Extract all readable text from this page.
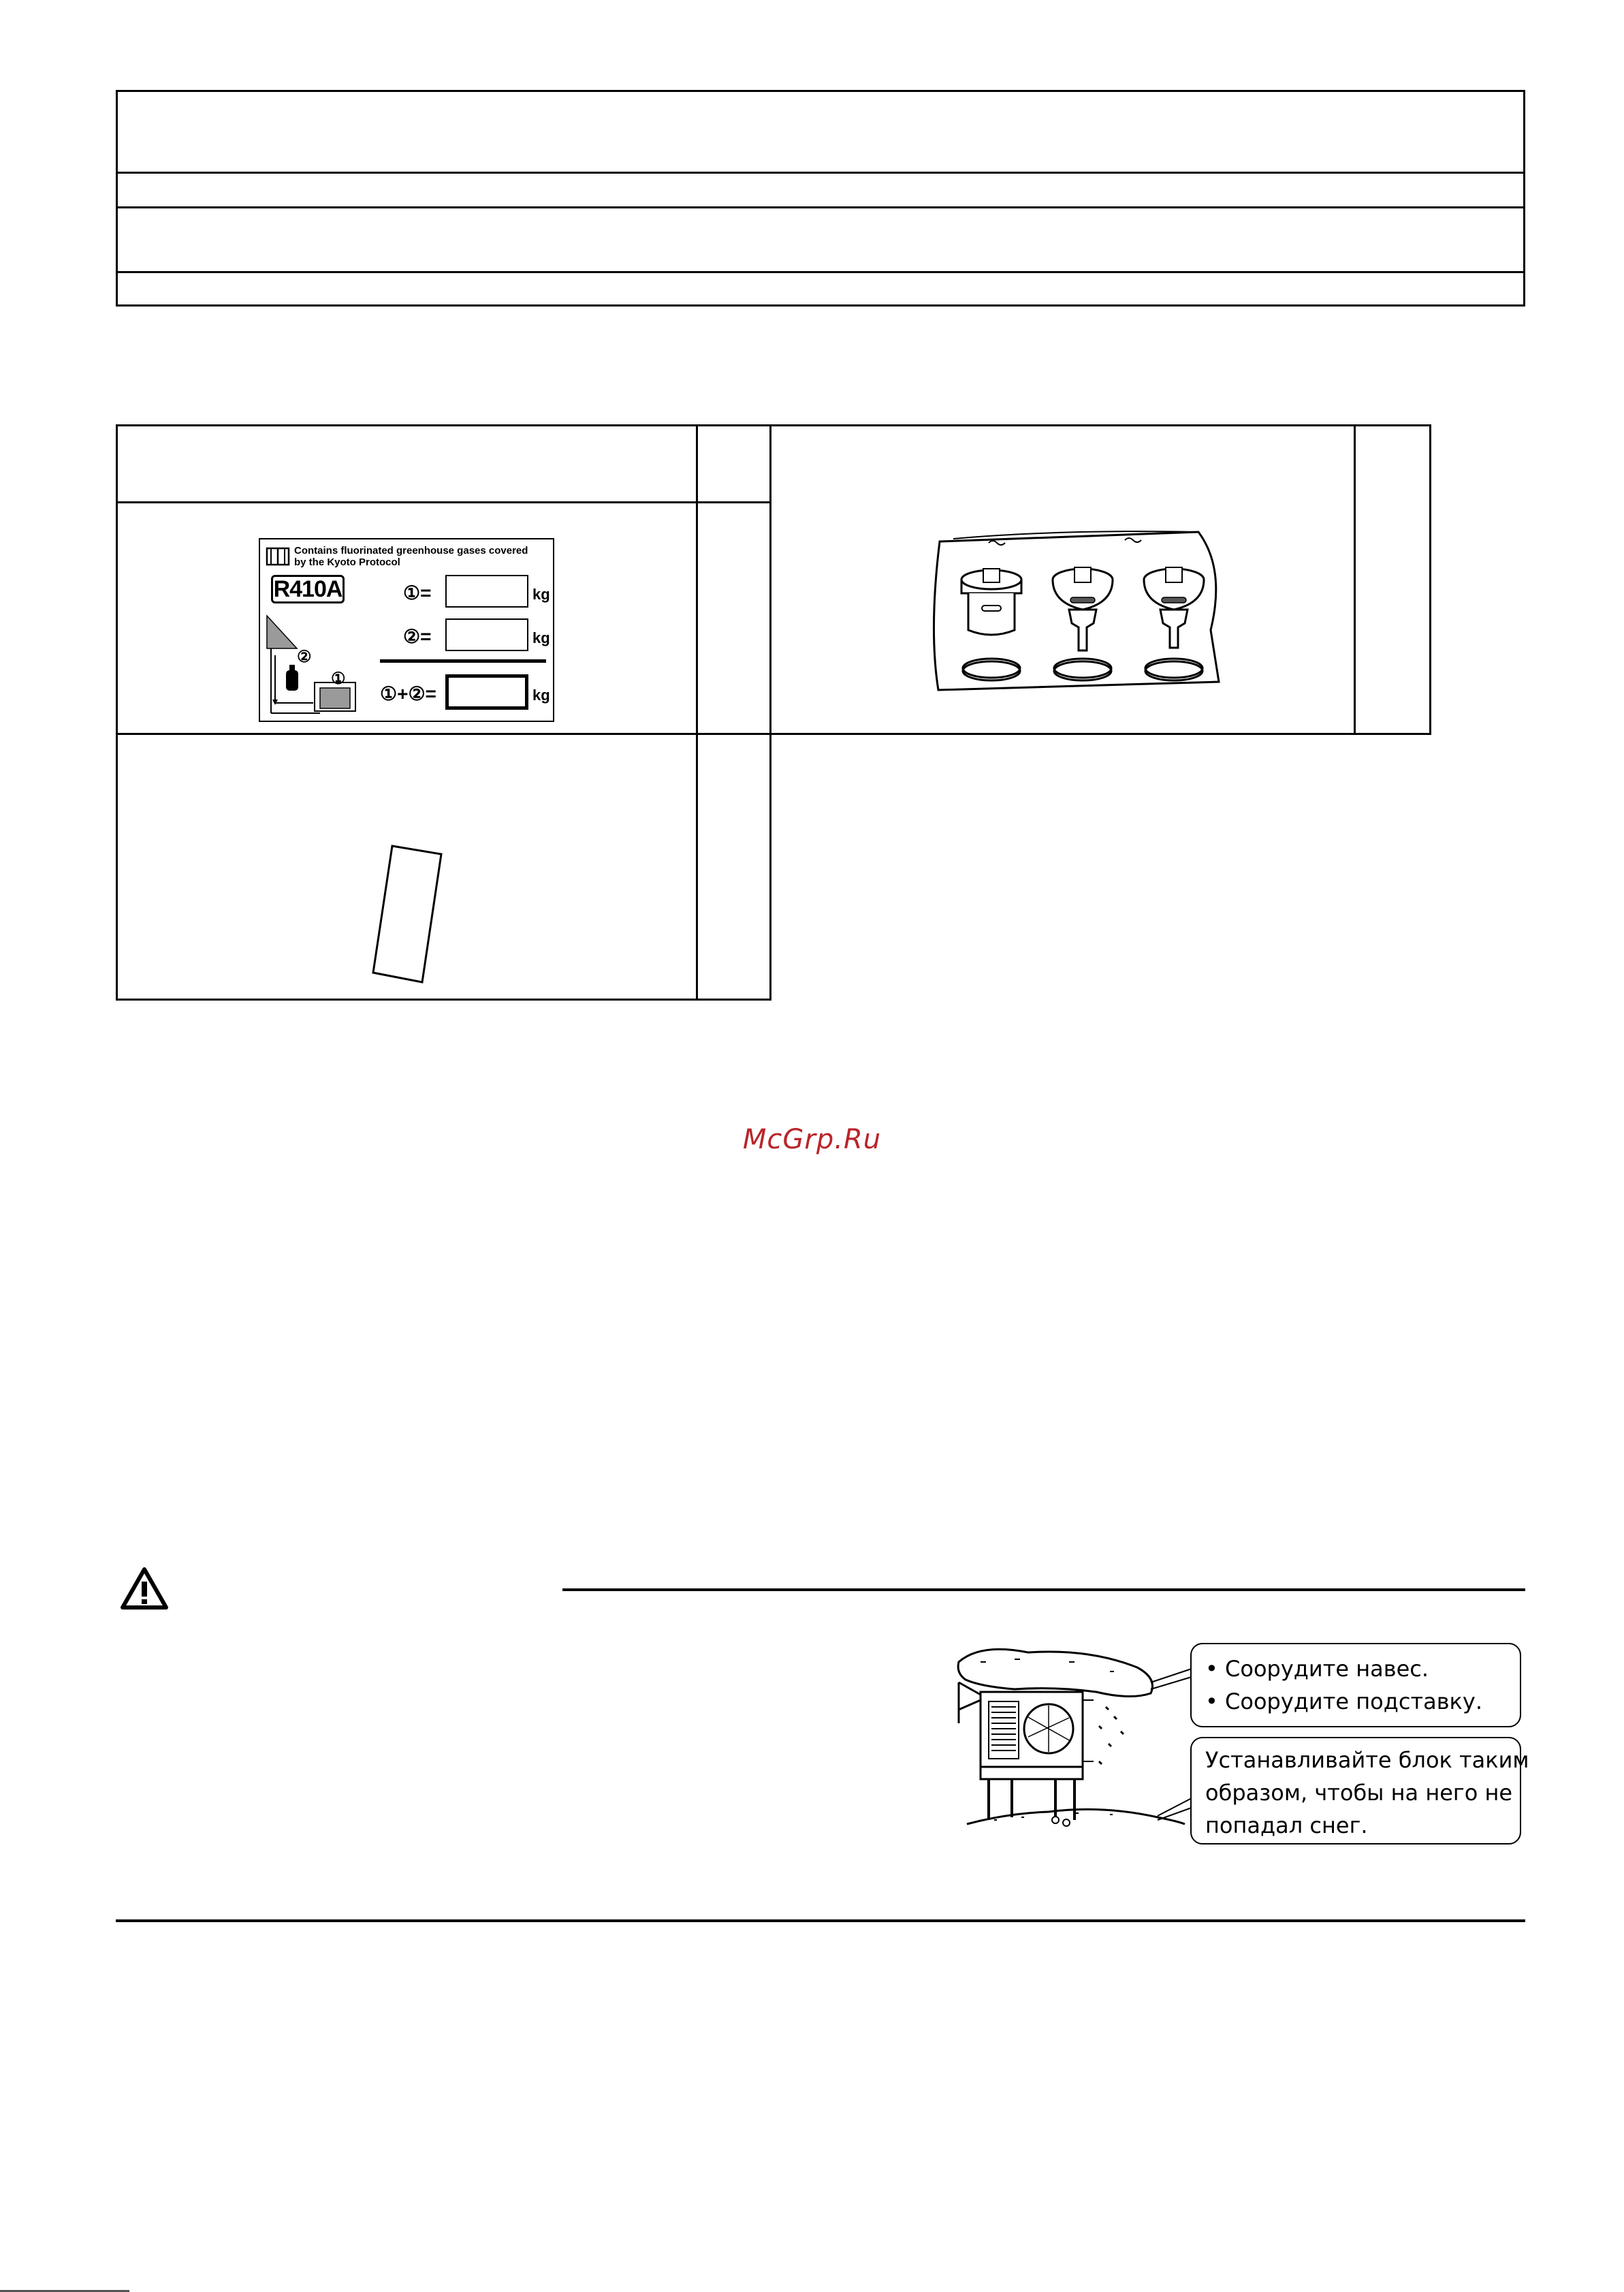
Contains fluorinated greenhouse gases covered
by the Kyoto Protocol
R410A	①=	kg
②=	kg
①+②=	kg
②
①
McGrp.Ru
• Соорудите навес.
• Соорудите подставку.
Устанавливайте блок таким
образом, чтобы на него не
попадал снег.
